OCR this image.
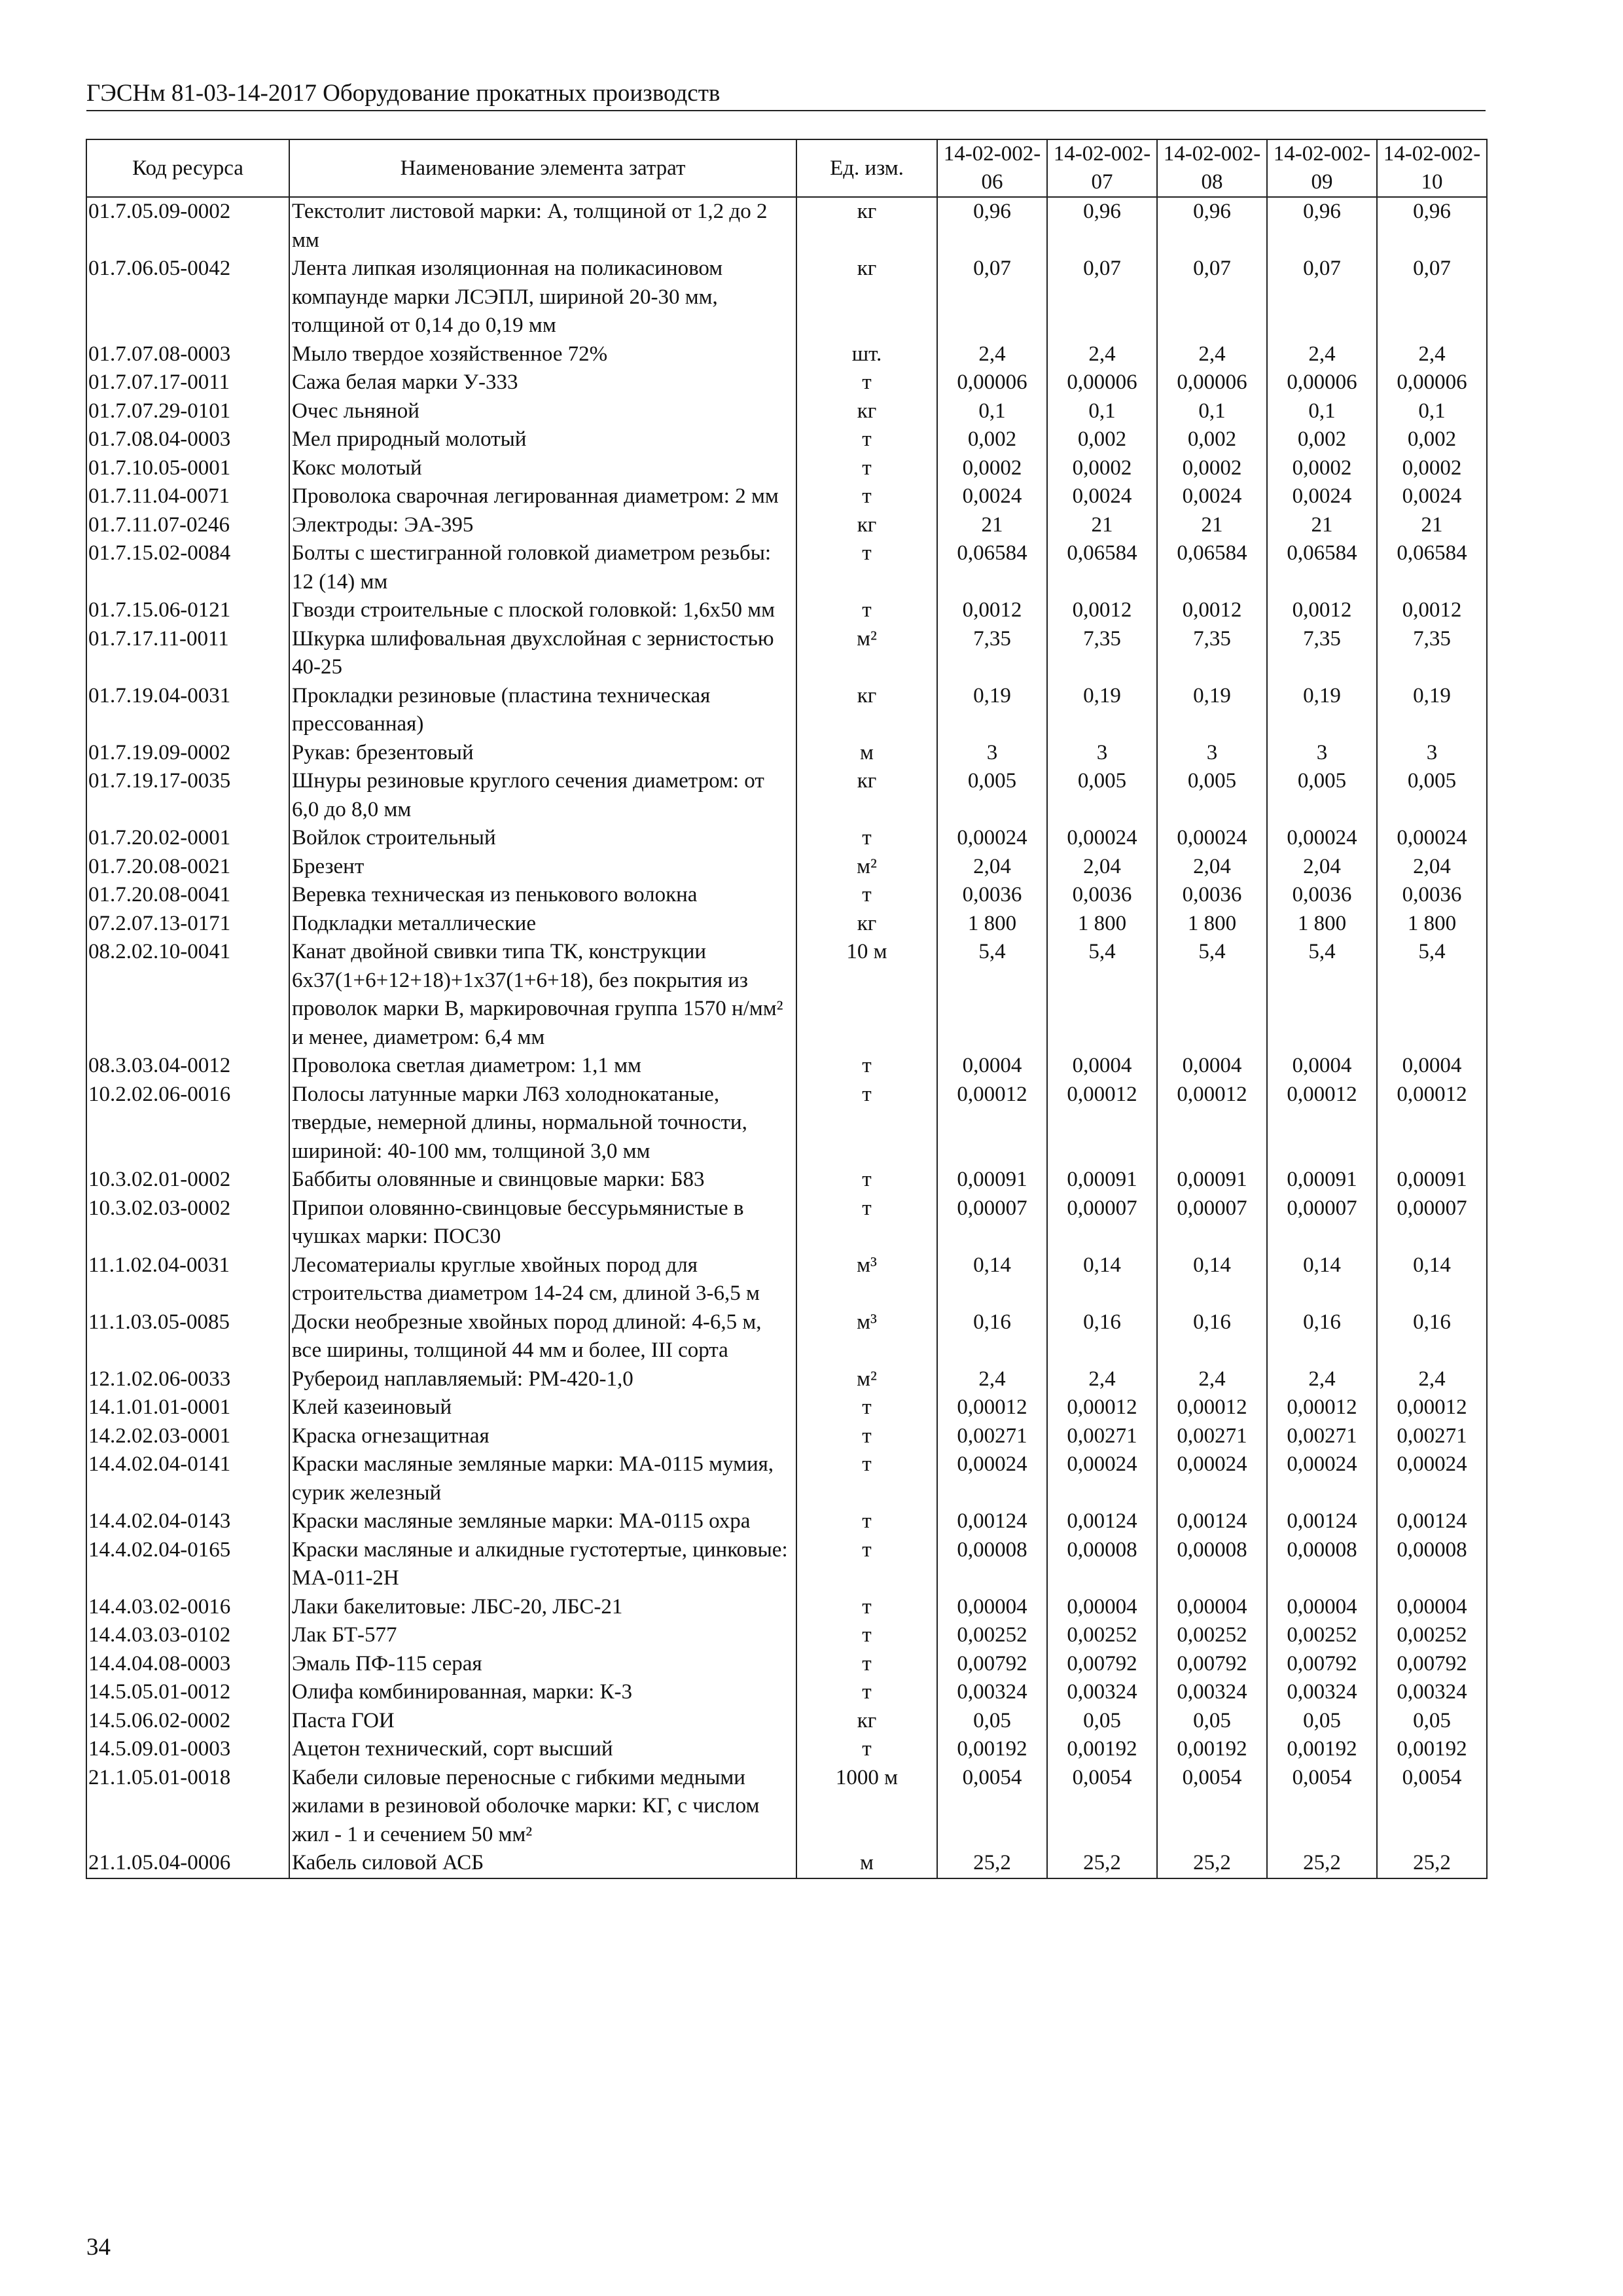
ГЭСНм 81-03-14-2017 Оборудование прокатных производств
Код ресурса	Наименование элемента затрат	Ед. изм.	14-02-002-06	14-02-002-07	14-02-002-08	14-02-002-09	14-02-002-10
01.7.05.09-0002	Текстолит листовой марки: А, толщиной от 1,2 до 2 мм	кг	0,96	0,96	0,96	0,96	0,96
01.7.06.05-0042	Лента липкая изоляционная на поликасиновом компаунде марки ЛСЭПЛ, шириной 20-30 мм, толщиной от 0,14 до 0,19 мм	кг	0,07	0,07	0,07	0,07	0,07
01.7.07.08-0003	Мыло твердое хозяйственное 72%	шт.	2,4	2,4	2,4	2,4	2,4
01.7.07.17-0011	Сажа белая марки У-333	т	0,00006	0,00006	0,00006	0,00006	0,00006
01.7.07.29-0101	Очес льняной	кг	0,1	0,1	0,1	0,1	0,1
01.7.08.04-0003	Мел природный молотый	т	0,002	0,002	0,002	0,002	0,002
01.7.10.05-0001	Кокс молотый	т	0,0002	0,0002	0,0002	0,0002	0,0002
01.7.11.04-0071	Проволока сварочная легированная диаметром: 2 мм	т	0,0024	0,0024	0,0024	0,0024	0,0024
01.7.11.07-0246	Электроды: ЭА-395	кг	21	21	21	21	21
01.7.15.02-0084	Болты с шестигранной головкой диаметром резьбы: 12 (14) мм	т	0,06584	0,06584	0,06584	0,06584	0,06584
01.7.15.06-0121	Гвозди строительные с плоской головкой: 1,6х50 мм	т	0,0012	0,0012	0,0012	0,0012	0,0012
01.7.17.11-0011	Шкурка шлифовальная двухслойная с зернистостью 40-25	м²	7,35	7,35	7,35	7,35	7,35
01.7.19.04-0031	Прокладки резиновые (пластина техническая прессованная)	кг	0,19	0,19	0,19	0,19	0,19
01.7.19.09-0002	Рукав: брезентовый	м	3	3	3	3	3
01.7.19.17-0035	Шнуры резиновые круглого сечения диаметром: от 6,0 до 8,0 мм	кг	0,005	0,005	0,005	0,005	0,005
01.7.20.02-0001	Войлок строительный	т	0,00024	0,00024	0,00024	0,00024	0,00024
01.7.20.08-0021	Брезент	м²	2,04	2,04	2,04	2,04	2,04
01.7.20.08-0041	Веревка техническая из пенькового волокна	т	0,0036	0,0036	0,0036	0,0036	0,0036
07.2.07.13-0171	Подкладки металлические	кг	1 800	1 800	1 800	1 800	1 800
08.2.02.10-0041	Канат двойной свивки типа ТК, конструкции 6х37(1+6+12+18)+1х37(1+6+18), без покрытия из проволок марки В, маркировочная группа 1570 н/мм² и менее, диаметром: 6,4 мм	10 м	5,4	5,4	5,4	5,4	5,4
08.3.03.04-0012	Проволока светлая диаметром: 1,1 мм	т	0,0004	0,0004	0,0004	0,0004	0,0004
10.2.02.06-0016	Полосы латунные марки Л63 холоднокатаные, твердые, немерной длины, нормальной точности, шириной: 40-100 мм, толщиной 3,0 мм	т	0,00012	0,00012	0,00012	0,00012	0,00012
10.3.02.01-0002	Баббиты оловянные и свинцовые марки: Б83	т	0,00091	0,00091	0,00091	0,00091	0,00091
10.3.02.03-0002	Припои оловянно-свинцовые бессурьмянистые в чушках марки: ПОС30	т	0,00007	0,00007	0,00007	0,00007	0,00007
11.1.02.04-0031	Лесоматериалы круглые хвойных пород для строительства диаметром 14-24 см, длиной 3-6,5 м	м³	0,14	0,14	0,14	0,14	0,14
11.1.03.05-0085	Доски необрезные хвойных пород длиной: 4-6,5 м, все ширины, толщиной 44 мм и более, III сорта	м³	0,16	0,16	0,16	0,16	0,16
12.1.02.06-0033	Рубероид наплавляемый: РМ-420-1,0	м²	2,4	2,4	2,4	2,4	2,4
14.1.01.01-0001	Клей казеиновый	т	0,00012	0,00012	0,00012	0,00012	0,00012
14.2.02.03-0001	Краска огнезащитная	т	0,00271	0,00271	0,00271	0,00271	0,00271
14.4.02.04-0141	Краски масляные земляные марки: МА-0115 мумия, сурик железный	т	0,00024	0,00024	0,00024	0,00024	0,00024
14.4.02.04-0143	Краски масляные земляные марки: МА-0115 охра	т	0,00124	0,00124	0,00124	0,00124	0,00124
14.4.02.04-0165	Краски масляные и алкидные густотертые, цинковые: МА-011-2Н	т	0,00008	0,00008	0,00008	0,00008	0,00008
14.4.03.02-0016	Лаки бакелитовые: ЛБС-20, ЛБС-21	т	0,00004	0,00004	0,00004	0,00004	0,00004
14.4.03.03-0102	Лак БТ-577	т	0,00252	0,00252	0,00252	0,00252	0,00252
14.4.04.08-0003	Эмаль ПФ-115 серая	т	0,00792	0,00792	0,00792	0,00792	0,00792
14.5.05.01-0012	Олифа комбинированная, марки: К-3	т	0,00324	0,00324	0,00324	0,00324	0,00324
14.5.06.02-0002	Паста ГОИ	кг	0,05	0,05	0,05	0,05	0,05
14.5.09.01-0003	Ацетон технический, сорт высший	т	0,00192	0,00192	0,00192	0,00192	0,00192
21.1.05.01-0018	Кабели силовые переносные с гибкими медными жилами в резиновой оболочке марки: КГ, с числом жил - 1 и сечением 50 мм²	1000 м	0,0054	0,0054	0,0054	0,0054	0,0054
21.1.05.04-0006	Кабель силовой АСБ	м	25,2	25,2	25,2	25,2	25,2
34
